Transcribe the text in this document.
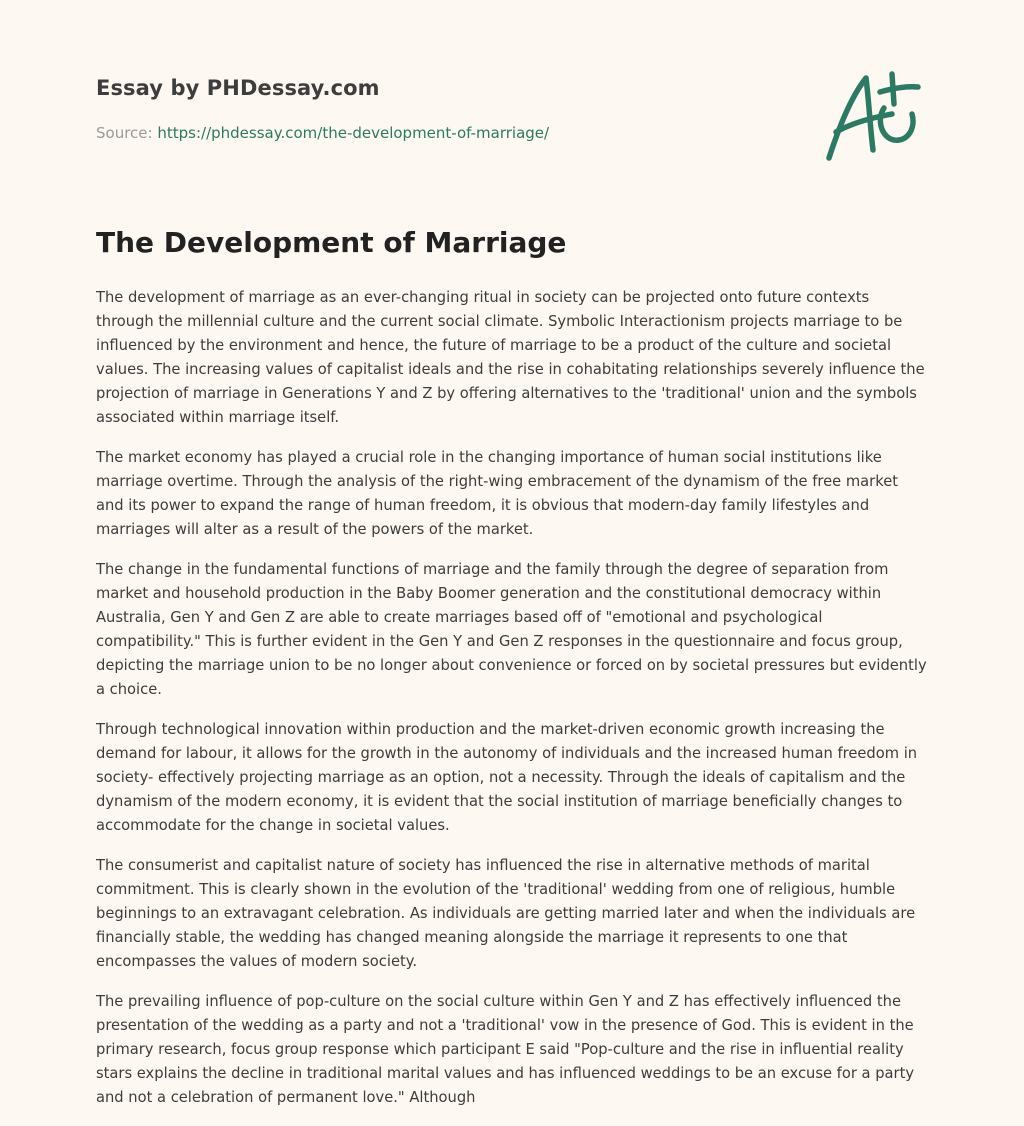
Essay by PHDessay.com
Source: https://phdessay.com/the-development-of-marriage/
The Development of Marriage

The development of marriage as an ever-changing ritual in society can be projected onto future contexts through the millennial culture and the current social climate. Symbolic Interactionism projects marriage to be influenced by the environment and hence, the future of marriage to be a product of the culture and societal values. The increasing values of capitalist ideals and the rise in cohabitating relationships severely influence the projection of marriage in Generations Y and Z by offering alternatives to the 'traditional' union and the symbols associated within marriage itself.

The market economy has played a crucial role in the changing importance of human social institutions like marriage overtime. Through the analysis of the right-wing embracement of the dynamism of the free market and its power to expand the range of human freedom, it is obvious that modern-day family lifestyles and marriages will alter as a result of the powers of the market.

The change in the fundamental functions of marriage and the family through the degree of separation from market and household production in the Baby Boomer generation and the constitutional democracy within Australia, Gen Y and Gen Z are able to create marriages based off of "emotional and psychological compatibility." This is further evident in the Gen Y and Gen Z responses in the questionnaire and focus group, depicting the marriage union to be no longer about convenience or forced on by societal pressures but evidently a choice.

Through technological innovation within production and the market-driven economic growth increasing the demand for labour, it allows for the growth in the autonomy of individuals and the increased human freedom in society- effectively projecting marriage as an option, not a necessity. Through the ideals of capitalism and the dynamism of the modern economy, it is evident that the social institution of marriage beneficially changes to accommodate for the change in societal values.

The consumerist and capitalist nature of society has influenced the rise in alternative methods of marital commitment. This is clearly shown in the evolution of the 'traditional' wedding from one of religious, humble beginnings to an extravagant celebration. As individuals are getting married later and when the individuals are financially stable, the wedding has changed meaning alongside the marriage it represents to one that encompasses the values of modern society.

The prevailing influence of pop-culture on the social culture within Gen Y and Z has effectively influenced the presentation of the wedding as a party and not a 'traditional' vow in the presence of God. This is evident in the primary research, focus group response which participant E said "Pop-culture and the rise in influential reality stars explains the decline in traditional marital values and has influenced weddings to be an excuse for a party and not a celebration of permanent love." Although
